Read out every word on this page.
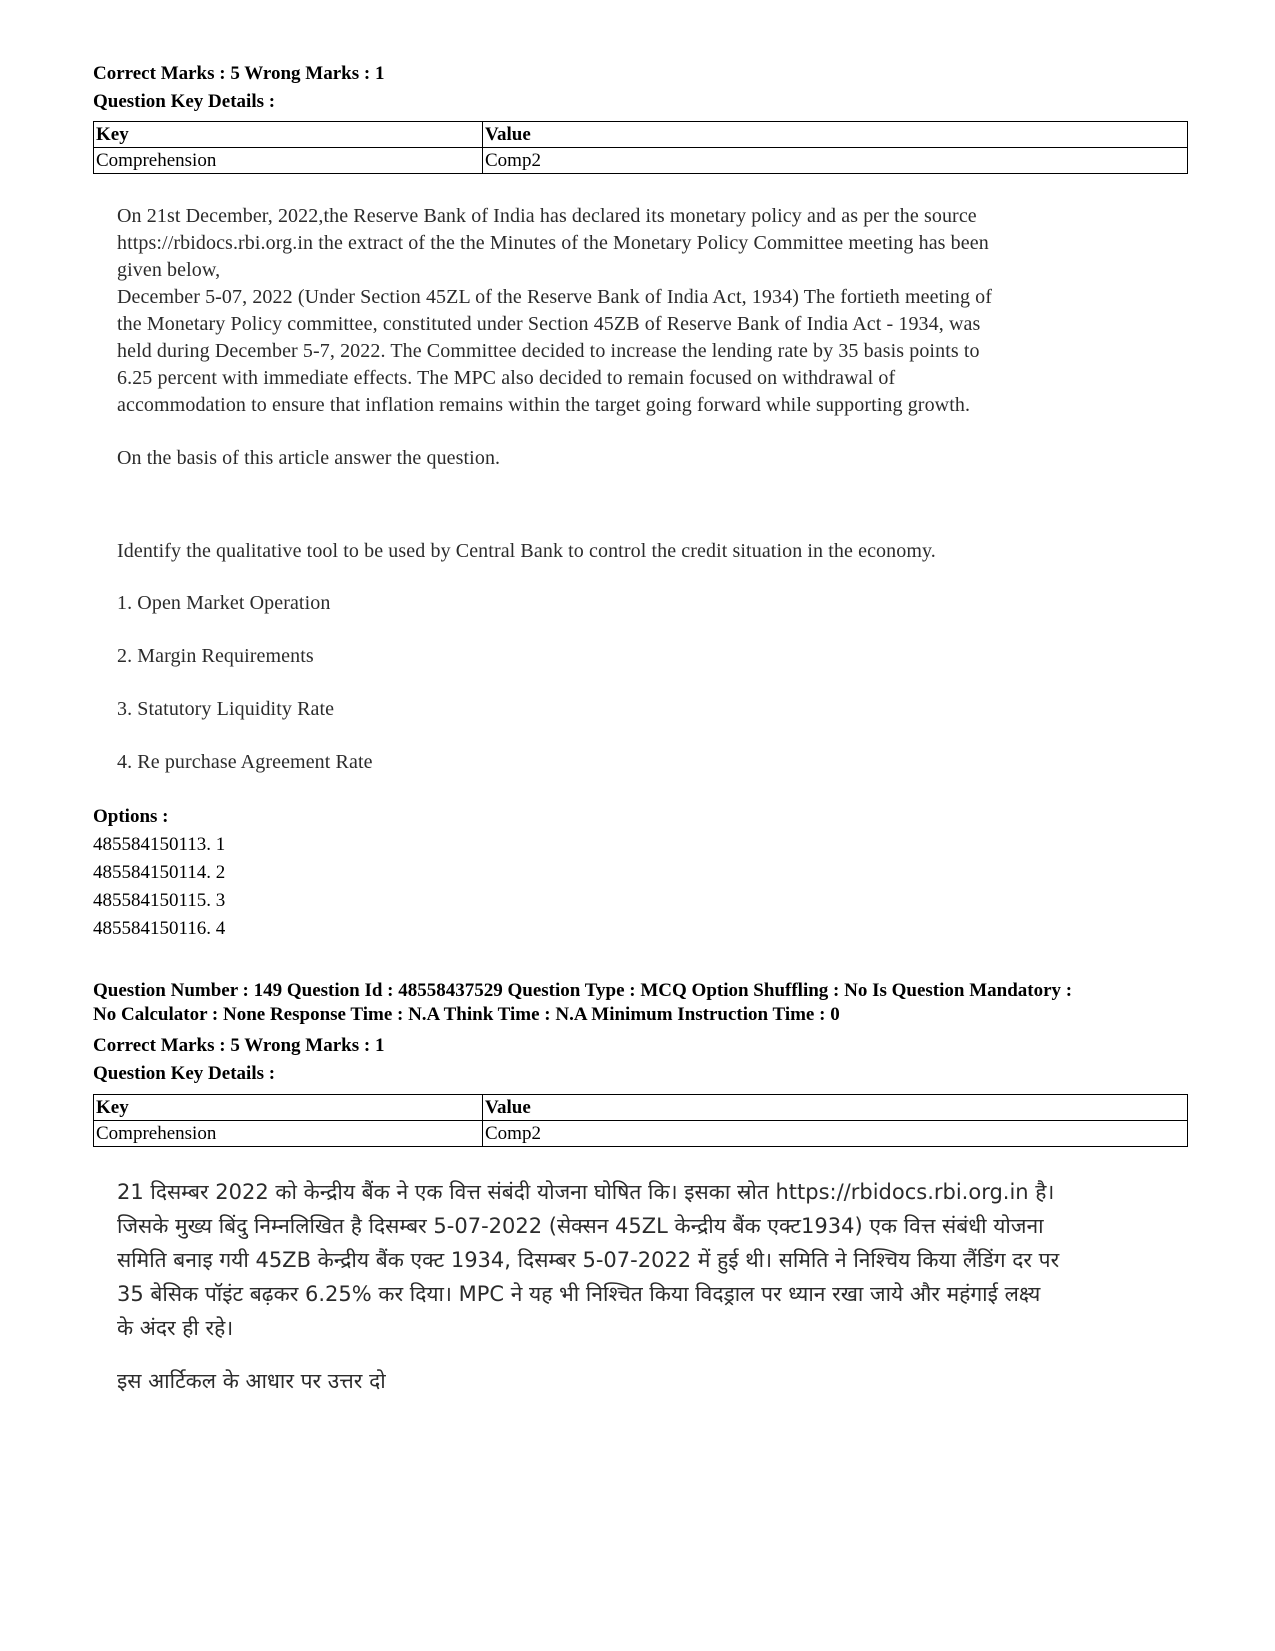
Correct Marks : 5 Wrong Marks : 1
Question Key Details :
Key	Value
Comprehension	Comp2

On 21st December, 2022,the Reserve Bank of India has declared its monetary policy and as per the source

https://rbidocs.rbi.org.in the extract of the the Minutes of the Monetary Policy Committee meeting has been

given below,

December 5-07, 2022 (Under Section 45ZL of the Reserve Bank of India Act, 1934) The fortieth meeting of

the Monetary Policy committee, constituted under Section 45ZB of Reserve Bank of India Act - 1934, was

held during December 5-7, 2022. The Committee decided to increase the lending rate by 35 basis points to

6.25 percent with immediate effects. The MPC also decided to remain focused on withdrawal of

accommodation to ensure that inflation remains within the target going forward while supporting growth.

On the basis of this article answer the question.

Identify the qualitative tool to be used by Central Bank to control the credit situation in the economy.

1. Open Market Operation

2. Margin Requirements

3. Statutory Liquidity Rate

4. Re purchase Agreement Rate

Options :
485584150113. 1
485584150114. 2
485584150115. 3
485584150116. 4
Question Number : 149 Question Id : 48558437529 Question Type : MCQ Option Shuffling : No Is Question Mandatory :
No Calculator : None Response Time : N.A Think Time : N.A Minimum Instruction Time : 0
Correct Marks : 5 Wrong Marks : 1
Question Key Details :
Key	Value
Comprehension	Comp2

21 दिसम्बर 2022 को केन्द्रीय बैंक ने एक वित्त संबंदी योजना घोषित कि। इसका स्रोत https://rbidocs.rbi.org.in है।

जिसके मुख्य बिंदु निम्नलिखित है दिसम्बर 5-07-2022 (सेक्सन 45ZL केन्द्रीय बैंक एक्ट1934) एक वित्त संबंधी योजना

समिति बनाइ गयी 45ZB केन्द्रीय बैंक एक्ट 1934, दिसम्बर 5-07-2022 में हुई थी। समिति ने निश्चिय किया लैंडिंग दर पर

35 बेसिक पॉइंट बढ़कर 6.25% कर दिया। MPC ने यह भी निश्चित किया विदड्राल पर ध्यान रखा जाये और महंगाई लक्ष्य

के अंदर ही रहे।

इस आर्टिकल के आधार पर उत्तर दो
